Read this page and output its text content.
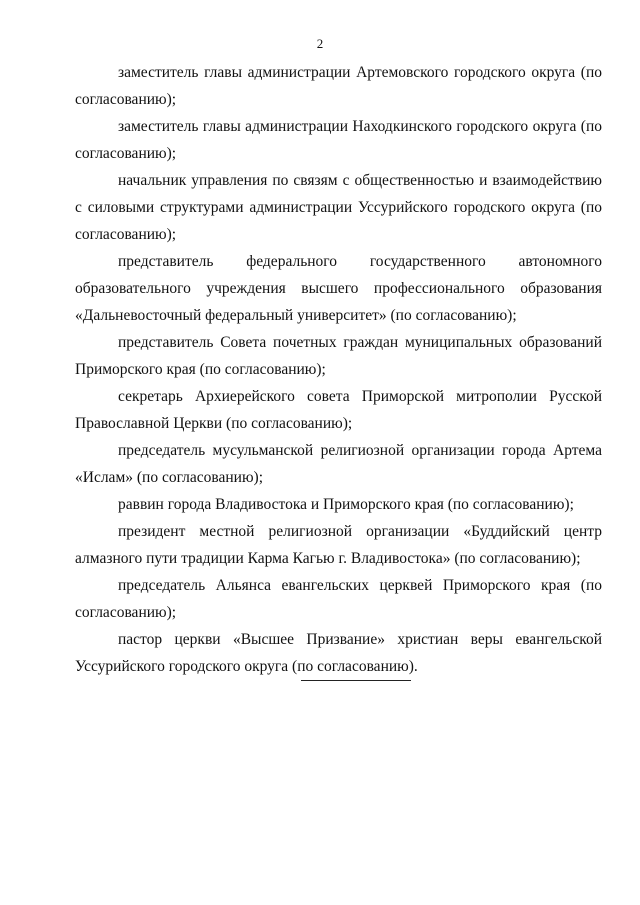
2

заместитель главы администрации Артемовского городского округа (по согласованию);

заместитель главы администрации Находкинского городского округа (по согласованию);

начальник управления по связям с общественностью и взаимодействию с силовыми структурами администрации Уссурийского городского округа (по согласованию);

представитель федерального государственного автономного образовательного учреждения высшего профессионального образования «Дальневосточный федеральный университет» (по согласованию);

представитель Совета почетных граждан муниципальных образований Приморского края (по согласованию);

секретарь Архиерейского совета Приморской митрополии Русской Православной Церкви (по согласованию);

председатель мусульманской религиозной организации города Артема «Ислам» (по согласованию);

раввин города Владивостока и Приморского края (по согласованию);

президент местной религиозной организации «Буддийский центр алмазного пути традиции Карма Кагью г. Владивостока» (по согласованию);

председатель Альянса евангельских церквей Приморского края (по согласованию);

пастор церкви «Высшее Призвание» христиан веры евангельской Уссурийского городского округа (по согласованию).
